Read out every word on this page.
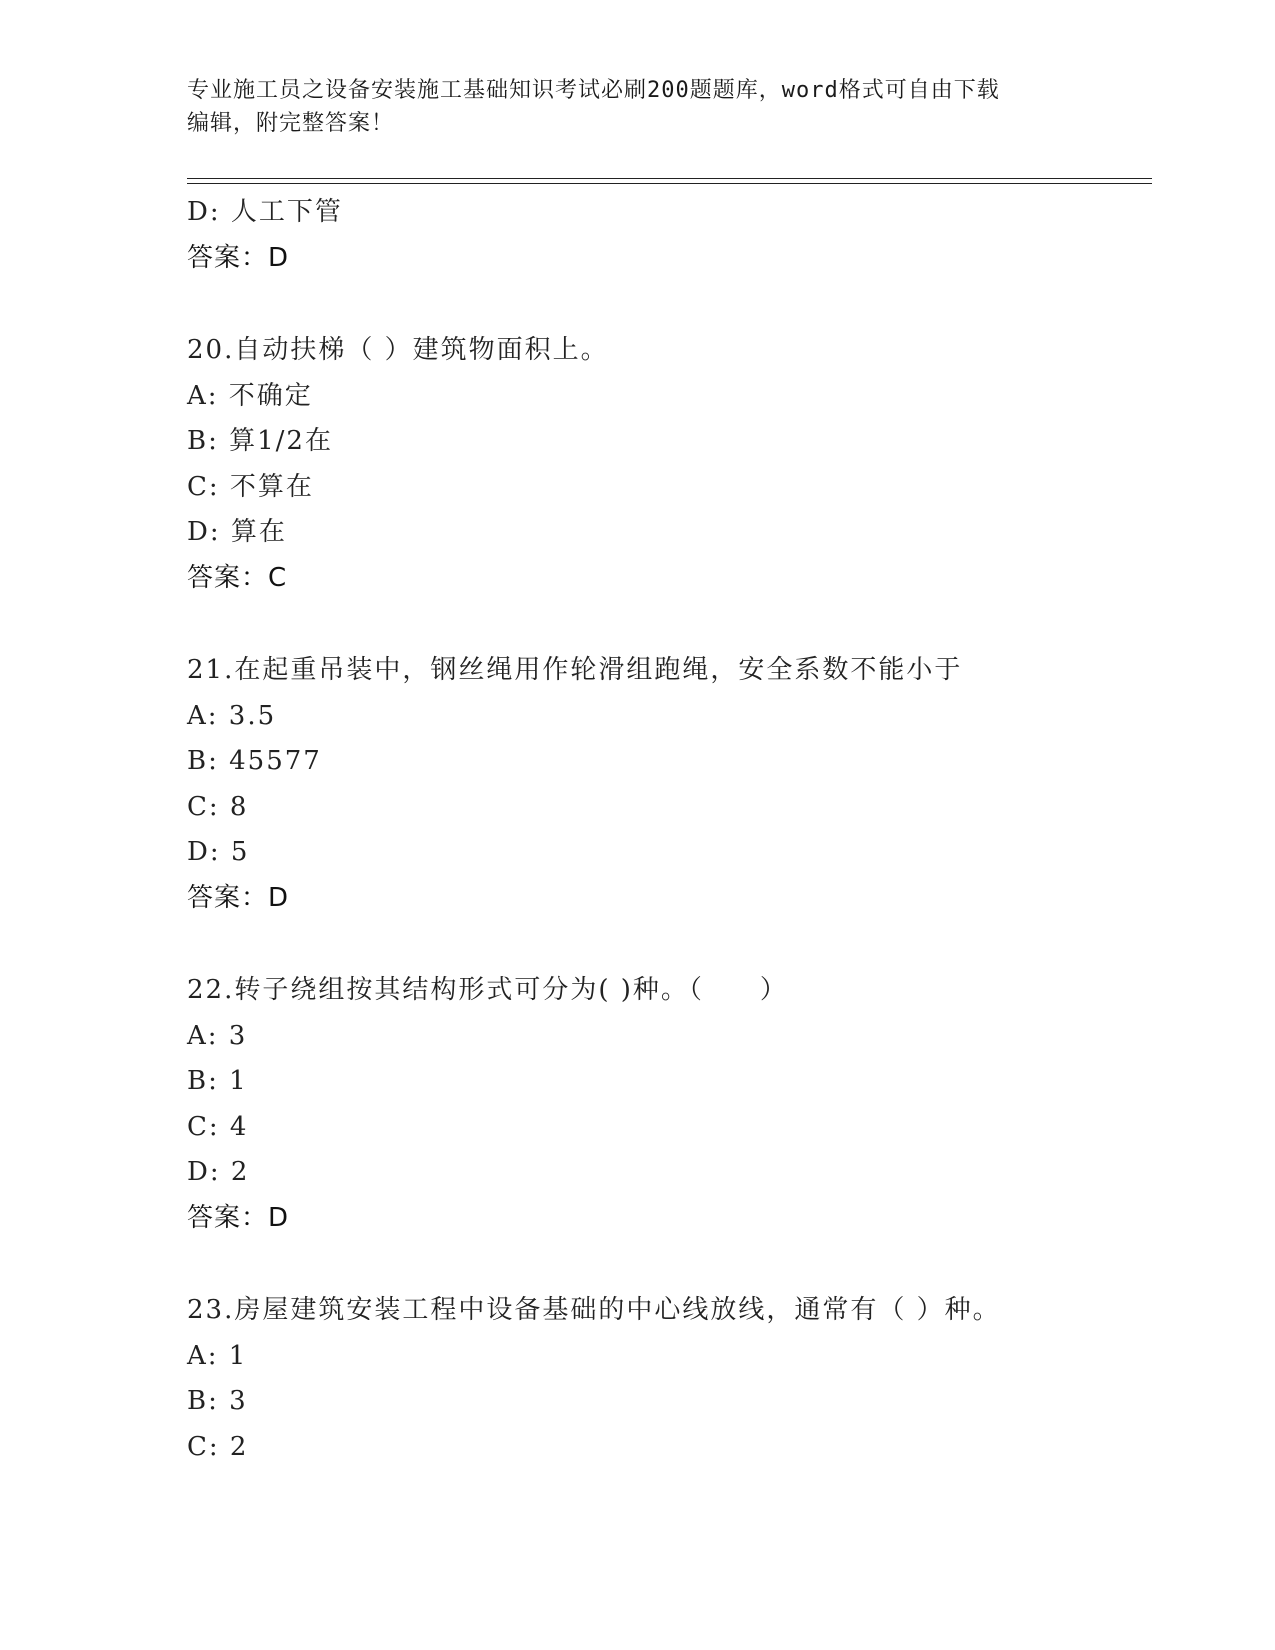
专业施工员之设备安装施工基础知识考试必刷200题题库，word格式可自由下载
编辑，附完整答案！
D: 人工下管
答案：D
20.自动扶梯（ ）建筑物面积上。
A: 不确定
B: 算1/2在
C: 不算在
D: 算在
答案：C
21.在起重吊装中，钢丝绳用作轮滑组跑绳，安全系数不能小于
A: 3.5
B: 45577
C: 8
D: 5
答案：D
22.转子绕组按其结构形式可分为( )种。（　　）
A: 3
B: 1
C: 4
D: 2
答案：D
23.房屋建筑安装工程中设备基础的中心线放线，通常有（ ）种。
A: 1
B: 3
C: 2
